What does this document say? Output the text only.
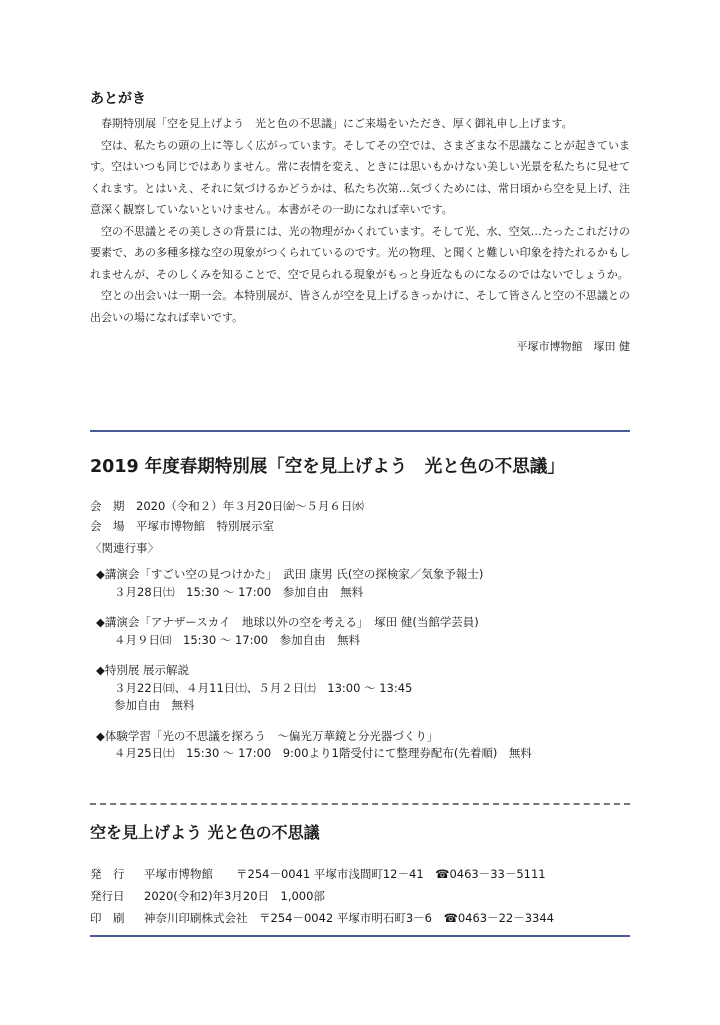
あとがき

春期特別展「空を見上げよう　光と色の不思議」にご来場をいただき、厚く御礼申し上げます。

空は、私たちの頭の上に等しく広がっています。そしてその空では、さまざまな不思議なことが起きています。空はいつも同じではありません。常に表情を変え、ときには思いもかけない美しい光景を私たちに見せてくれます。とはいえ、それに気づけるかどうかは、私たち次第…気づくためには、常日頃から空を見上げ、注意深く観察していないといけません。本書がその一助になれば幸いです。

空の不思議とその美しさの背景には、光の物理がかくれています。そして光、水、空気…たったこれだけの要素で、あの多種多様な空の現象がつくられているのです。光の物理、と聞くと難しい印象を持たれるかもしれませんが、そのしくみを知ることで、空で見られる現象がもっと身近なものになるのではないでしょうか。

空との出会いは一期一会。本特別展が、皆さんが空を見上げるきっかけに、そして皆さんと空の不思議との出会いの場になれば幸いです。

平塚市博物館　塚田 健
2019 年度春期特別展「空を見上げよう　光と色の不思議」
会　期 2020（令和２）年３月20日㈮～５月６日㈬
会　場 平塚市博物館　特別展示室
〈関連行事〉
◆講演会「すごい空の見つけかた」　武田 康男 氏(空の探検家／気象予報士)
３月28日㈯　15:30 ～ 17:00　参加自由　無料
◆講演会「アナザースカイ　地球以外の空を考える」　塚田 健(当館学芸員)
４月９日㈰　15:30 ～ 17:00　参加自由　無料
◆特別展 展示解説
３月22日㈰、４月11日㈯、５月２日㈯　13:00 ～ 13:45
参加自由　無料
◆体験学習「光の不思議を探ろう　～偏光万華鏡と分光器づくり」
４月25日㈯　15:30 ～ 17:00　9:00より1階受付にて整理券配布(先着順)　無料
空を見上げよう 光と色の不思議
発　行 平塚市博物館　　〒254－0041 平塚市浅間町12－41　☎0463－33－5111
発行日 2020(令和2)年3月20日　1,000部
印　刷 神奈川印刷株式会社　〒254－0042 平塚市明石町3－6　☎0463－22－3344
